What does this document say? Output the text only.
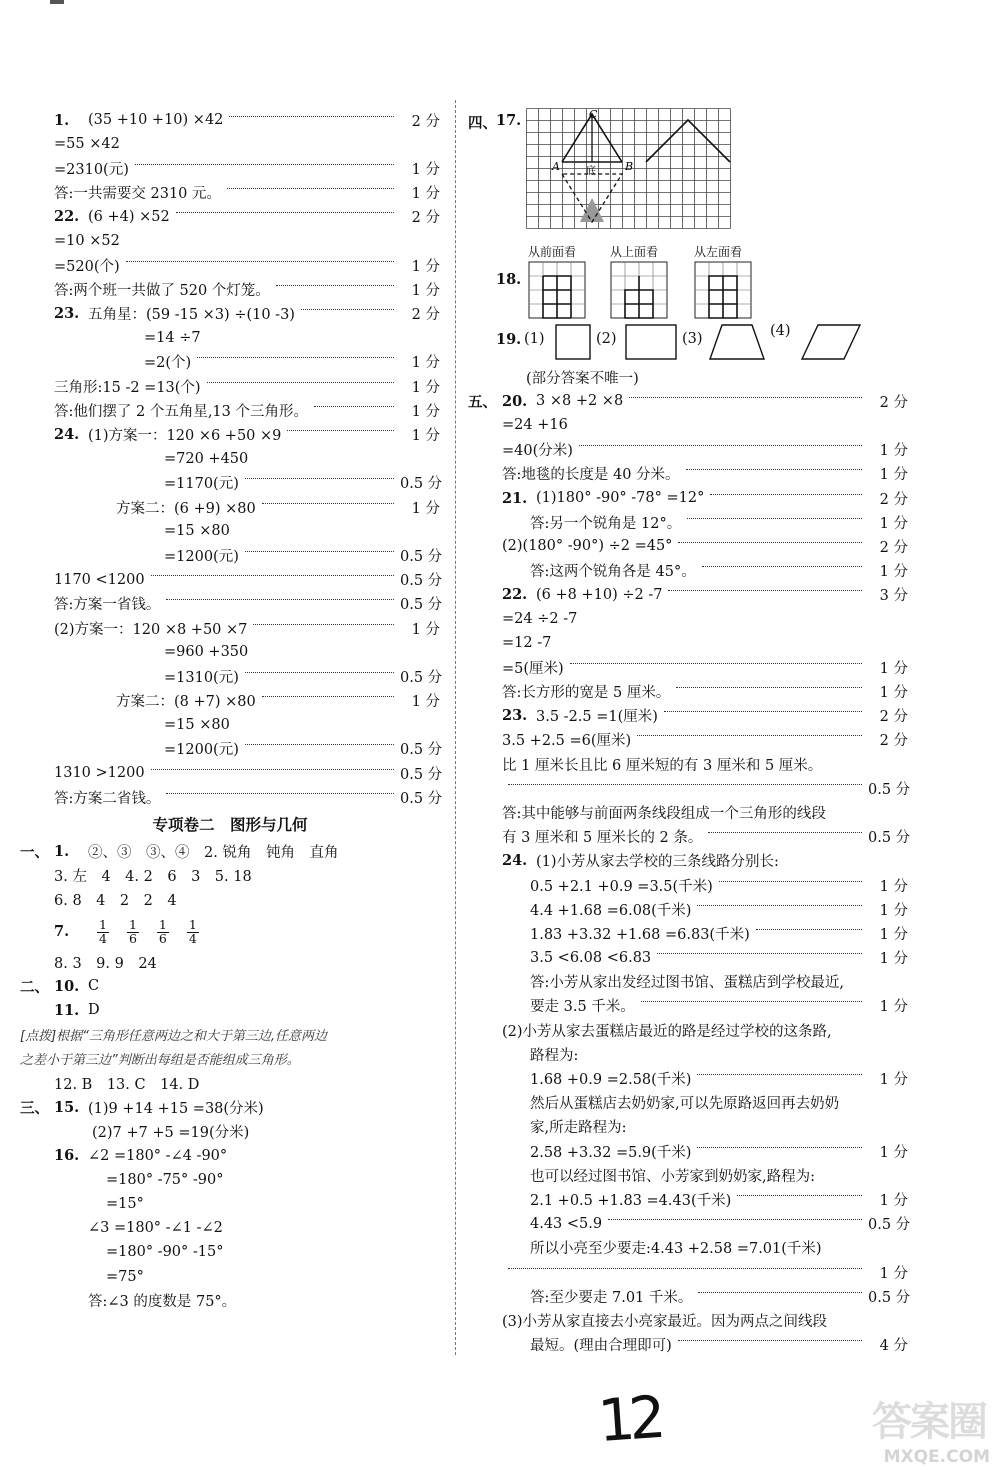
1.	(35 +10 +10) ×42	2 分
=55 ×42
=2310(元)	1 分
答:一共需要交 2310 元。	1 分
22. (6 +4) ×52	2 分
=10 ×52
=520(个)	1 分
答:两个班一共做了 520 个灯笼。	1 分
23. 五角星：(59 -15 ×3) ÷(10 -3)	2 分
=14 ÷7
=2(个)	1 分
三角形:15 -2 =13(个)	1 分
答:他们摆了 2 个五角星,13 个三角形。	1 分
24. (1)方案一：120 ×6 +50 ×9	1 分
=720 +450
=1170(元)	0.5 分
方案二：(6 +9) ×80	1 分
=15 ×80
=1200(元)	0.5 分
1170 <1200	0.5 分
答:方案一省钱。	0.5 分
(2)方案一：120 ×8 +50 ×7	1 分
=960 +350
=1310(元)	0.5 分
方案二：(8 +7) ×80	1 分
=15 ×80
=1200(元)	0.5 分
1310 >1200	0.5 分
答:方案二省钱。	0.5 分
专项卷二　图形与几何
一、 1.	②、③　③、④　2. 锐角　钝角　直角
3. 左　4　4. 2　6　3　5. 18
6. 8　4　2　2　4
7.	$\frac{1}{4} \frac{1}{6} \frac{1}{6} \frac{1}{4}$
8. 3　9. 9　24
二、 10. C
11. D
[点拨]根据“三角形任意两边之和大于第三边,任意两边
之差小于第三边”判断出每组是否能组成三角形。
12. B　13. C　14. D
三、 15. (1)9 +14 +15 =38(分米)
(2)7 +7 +5 =19(分米)
16. ∠2 =180° -∠4 -90°
=180° -75° -90°
=15°
∠3 =180° -∠1 -∠2
=180° -90° -15°
=75°
答:∠3 的度数是 75°。
四、 17.	C
A	底	B
18.
从前面看	从上面看	从左面看
19. (1)	(2)	(3)	(4)
(部分答案不唯一)
五、 20. 3 ×8 +2 ×8	2 分
=24 +16
=40(分米)	1 分
答:地毯的长度是 40 分米。	1 分
21. (1)180° -90° -78° =12°	2 分
答:另一个锐角是 12°。	1 分
(2)(180° -90°) ÷2 =45°	2 分
答:这两个锐角各是 45°。	1 分
22. (6 +8 +10) ÷2 -7	3 分
=24 ÷2 -7
=12 -7
=5(厘米)	1 分
答:长方形的宽是 5 厘米。	1 分
23. 3.5 -2.5 =1(厘米)	2 分
3.5 +2.5 =6(厘米)	2 分
比 1 厘米长且比 6 厘米短的有 3 厘米和 5 厘米。
0.5 分
答:其中能够与前面两条线段组成一个三角形的线段
有 3 厘米和 5 厘米长的 2 条。	0.5 分
24. (1)小芳从家去学校的三条线路分别长:
0.5 +2.1 +0.9 =3.5(千米)	1 分
4.4 +1.68 =6.08(千米)	1 分
1.83 +3.32 +1.68 =6.83(千米)	1 分
3.5 <6.08 <6.83	1 分
答:小芳从家出发经过图书馆、蛋糕店到学校最近,
要走 3.5 千米。	1 分
(2)小芳从家去蛋糕店最近的路是经过学校的这条路,
路程为:
1.68 +0.9 =2.58(千米)	1 分
然后从蛋糕店去奶奶家,可以先原路返回再去奶奶
家,所走路程为:
2.58 +3.32 =5.9(千米)	1 分
也可以经过图书馆、小芳家到奶奶家,路程为:
2.1 +0.5 +1.83 =4.43(千米)	1 分
4.43 <5.9	0.5 分
所以小亮至少要走:4.43 +2.58 =7.01(千米)
1 分
答:至少要走 7.01 千米。	0.5 分
(3)小芳从家直接去小亮家最近。因为两点之间线段
最短。(理由合理即可)	4 分
12	答案圈
MXQE.COM
